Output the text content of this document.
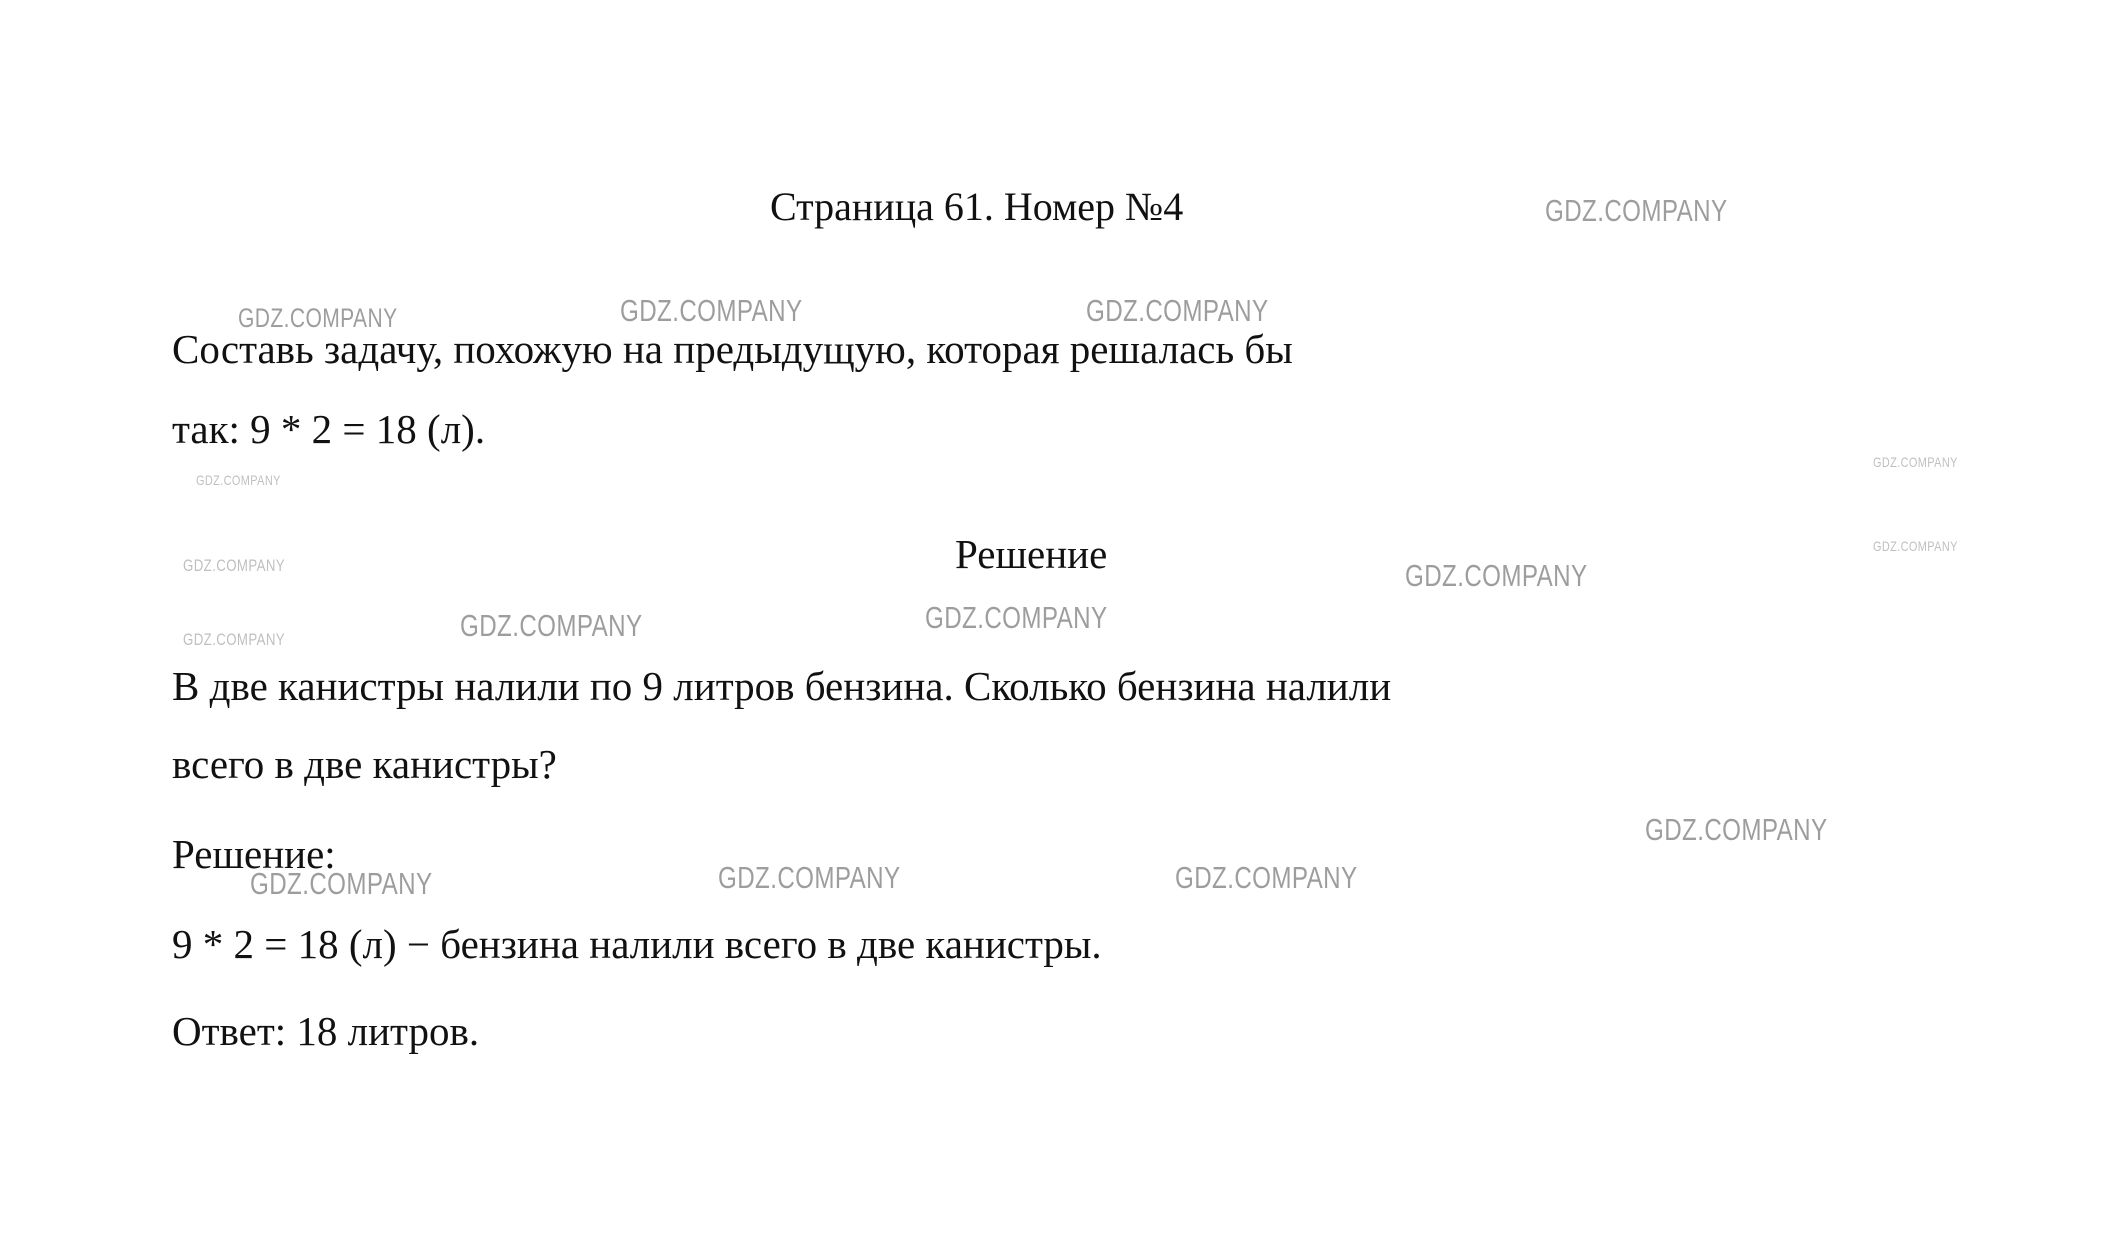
Страница 61. Номер №4
Составь задачу, похожую на предыдущую, которая решалась бы
так: 9 * 2 = 18 (л).
Решение
В две канистры налили по 9 литров бензина. Сколько бензина налили
всего в две канистры?
Решение:
9 * 2 = 18 (л) − бензина налили всего в две канистры.
Ответ: 18 литров.
GDZ.COMPANY
GDZ.COMPANY	GDZ.COMPANY	GDZ.COMPANY
GDZ.COMPANY
GDZ.COMPANY
GDZ.COMPANY
GDZ.COMPANY
GDZ.COMPANY
GDZ.COMPANY	GDZ.COMPANY
GDZ.COMPANY
GDZ.COMPANY
GDZ.COMPANY	GDZ.COMPANY	GDZ.COMPANY
